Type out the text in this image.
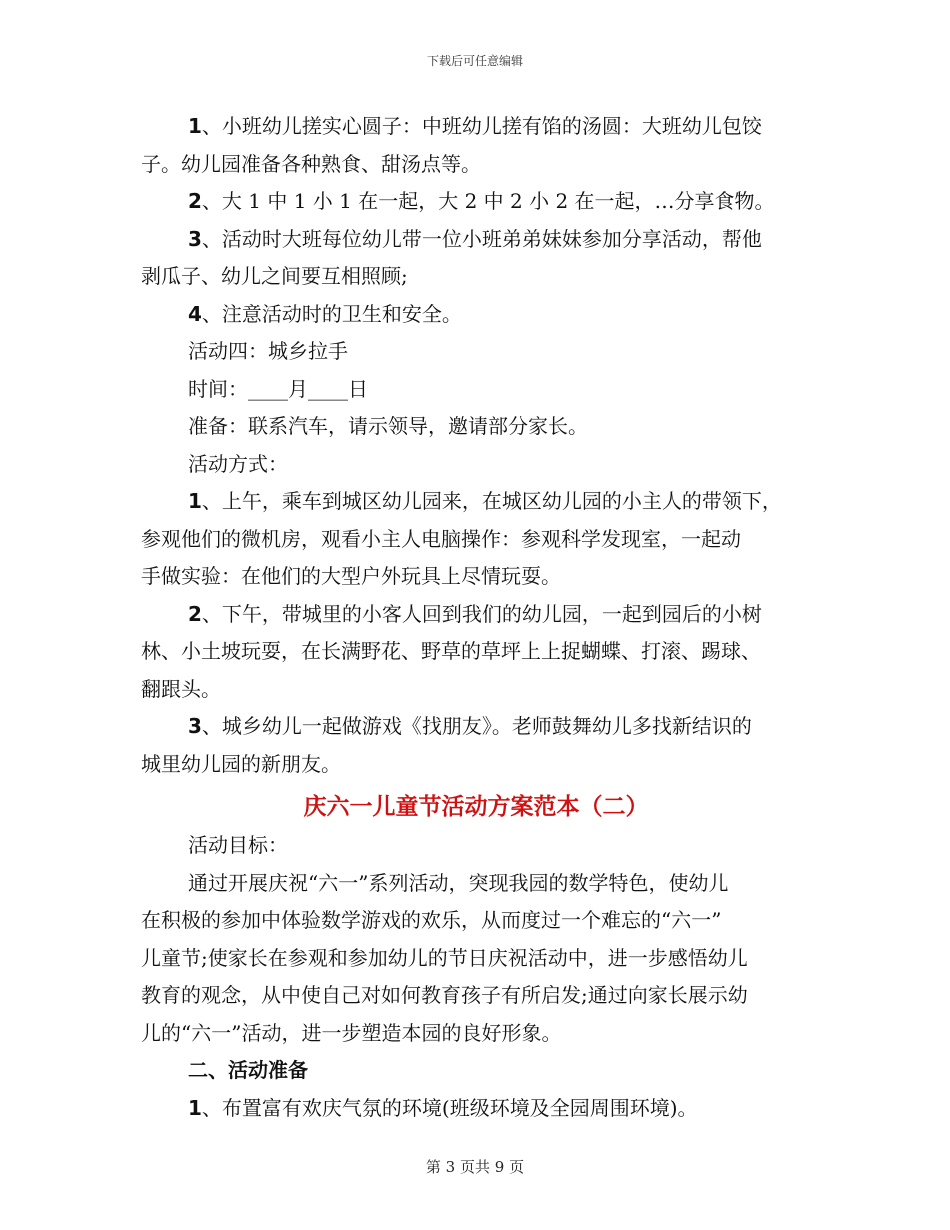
下载后可任意编辑

1、小班幼儿搓实心圆子：中班幼儿搓有馅的汤圆：大班幼儿包饺
子。幼儿园准备各种熟食、甜汤点等。

2、大 1 中 1 小 1 在一起，大 2 中 2 小 2 在一起，…分享食物。

3、活动时大班每位幼儿带一位小班弟弟妹妹参加分享活动，帮他
剥瓜子、幼儿之间要互相照顾;

4、注意活动时的卫生和安全。

活动四：城乡拉手

时间：____月____日

准备：联系汽车，请示领导，邀请部分家长。

活动方式：

1、上午，乘车到城区幼儿园来，在城区幼儿园的小主人的带领下，
参观他们的微机房，观看小主人电脑操作：参观科学发现室，一起动
手做实验：在他们的大型户外玩具上尽情玩耍。

2、下午，带城里的小客人回到我们的幼儿园，一起到园后的小树
林、小土坡玩耍，在长满野花、野草的草坪上上捉蝴蝶、打滚、踢球、
翻跟头。

3、城乡幼儿一起做游戏《找朋友》。老师鼓舞幼儿多找新结识的
城里幼儿园的新朋友。

庆六一儿童节活动方案范本（二）

活动目标：

通过开展庆祝“六一”系列活动，突现我园的数学特色，使幼儿
在积极的参加中体验数学游戏的欢乐，从而度过一个难忘的“六一”
儿童节;使家长在参观和参加幼儿的节日庆祝活动中，进一步感悟幼儿
教育的观念，从中使自己对如何教育孩子有所启发;通过向家长展示幼
儿的“六一”活动，进一步塑造本园的良好形象。

二、活动准备

1、布置富有欢庆气氛的环境(班级环境及全园周围环境)。

第 3 页共 9 页
